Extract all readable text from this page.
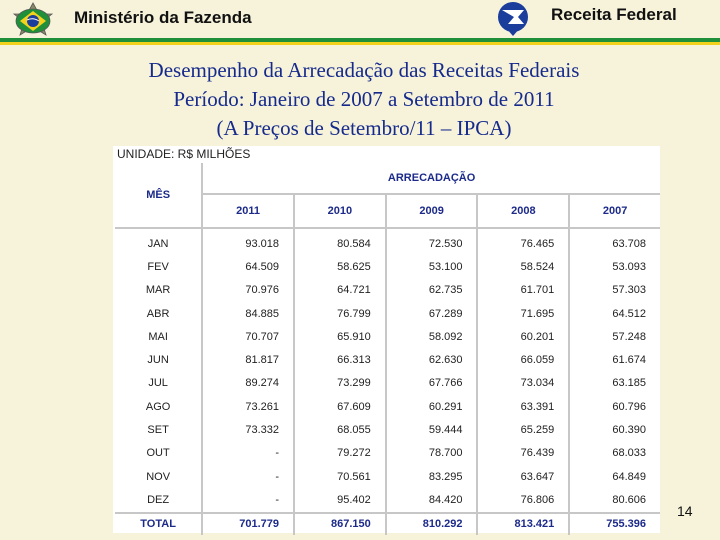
Ministério da Fazenda	Receita Federal
Desempenho da Arrecadação das Receitas Federais
Período: Janeiro de 2007 a Setembro de 2011
(A Preços de Setembro/11 – IPCA)
UNIDADE: R$ MILHÕES
MÊS	ARRECADAÇÃO				
	2011	2010	2009	2008	2007

JAN	93.018	80.584	72.530	76.465	63.708
FEV	64.509	58.625	53.100	58.524	53.093
MAR	70.976	64.721	62.735	61.701	57.303
ABR	84.885	76.799	67.289	71.695	64.512
MAI	70.707	65.910	58.092	60.201	57.248
JUN	81.817	66.313	62.630	66.059	61.674
JUL	89.274	73.299	67.766	73.034	63.185
AGO	73.261	67.609	60.291	63.391	60.796
SET	73.332	68.055	59.444	65.259	60.390
OUT	-	79.272	78.700	76.439	68.033
NOV	-	70.561	83.295	63.647	64.849
DEZ	-	95.402	84.420	76.806	80.606
TOTAL	701.779	867.150	810.292	813.421	755.396
14
